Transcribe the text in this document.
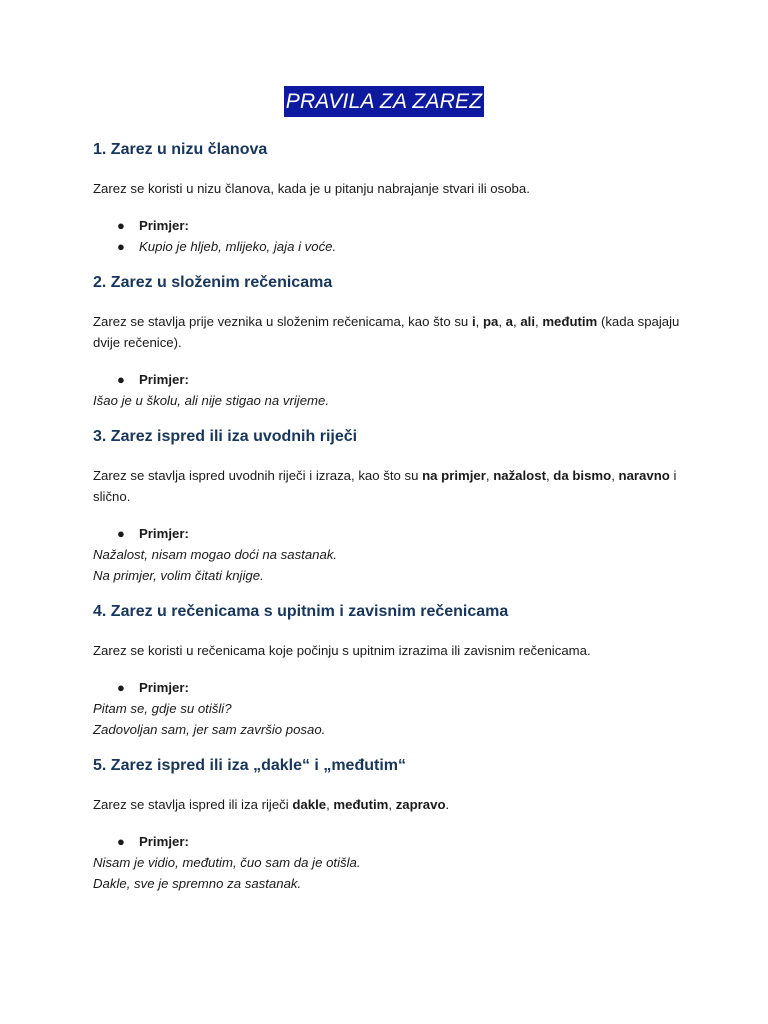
PRAVILA ZA ZAREZ
1. Zarez u nizu članova

Zarez se koristi u nizu članova, kada je u pitanju nabrajanje stvari ili osoba.

● Primjer:
● Kupio je hljeb, mlijeko, jaja i voće.
2. Zarez u složenim rečenicama

Zarez se stavlja prije veznika u složenim rečenicama, kao što su i, pa, a, ali, međutim (kada spajaju dvije rečenice).

● Primjer:

Išao je u školu, ali nije stigao na vrijeme.

3. Zarez ispred ili iza uvodnih riječi

Zarez se stavlja ispred uvodnih riječi i izraza, kao što su na primjer, nažalost, da bismo, naravno i slično.

● Primjer:

Nažalost, nisam mogao doći na sastanak.

Na primjer, volim čitati knjige.

4. Zarez u rečenicama s upitnim i zavisnim rečenicama

Zarez se koristi u rečenicama koje počinju s upitnim izrazima ili zavisnim rečenicama.

● Primjer:

Pitam se, gdje su otišli?

Zadovoljan sam, jer sam završio posao.

5. Zarez ispred ili iza „dakle“ i „međutim“

Zarez se stavlja ispred ili iza riječi dakle, međutim, zapravo.

● Primjer:

Nisam je vidio, međutim, čuo sam da je otišla.

Dakle, sve je spremno za sastanak.
